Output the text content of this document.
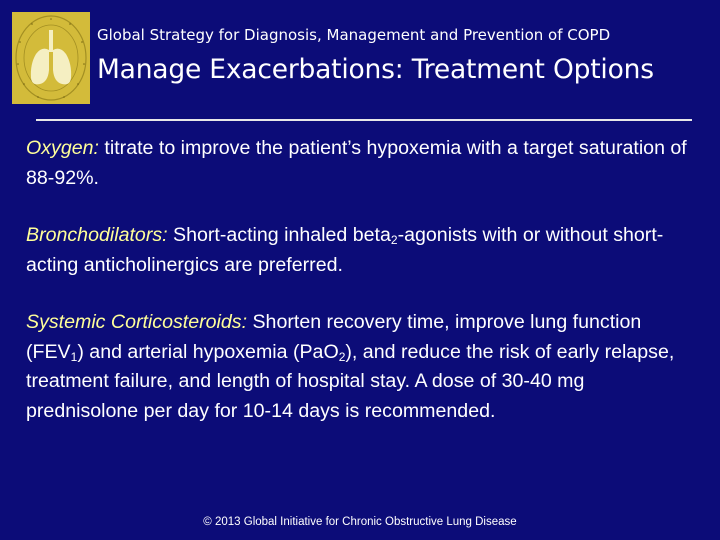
Global Strategy for Diagnosis, Management and Prevention of COPD
Manage Exacerbations: Treatment Options

Oxygen: titrate to improve the patient’s hypoxemia with a target saturation of 88-92%.

Bronchodilators: Short-acting inhaled beta$_2$-agonists with or without short-acting anticholinergics are preferred.

Systemic Corticosteroids: Shorten recovery time, improve lung function $(FEV_1)$ and arterial hypoxemia (PaO$_2$), and reduce the risk of early relapse, treatment failure, and length of hospital stay. A dose of 30-40 mg prednisolone per day for 10-14 days is recommended.

© 2013 Global Initiative for Chronic Obstructive Lung Disease
